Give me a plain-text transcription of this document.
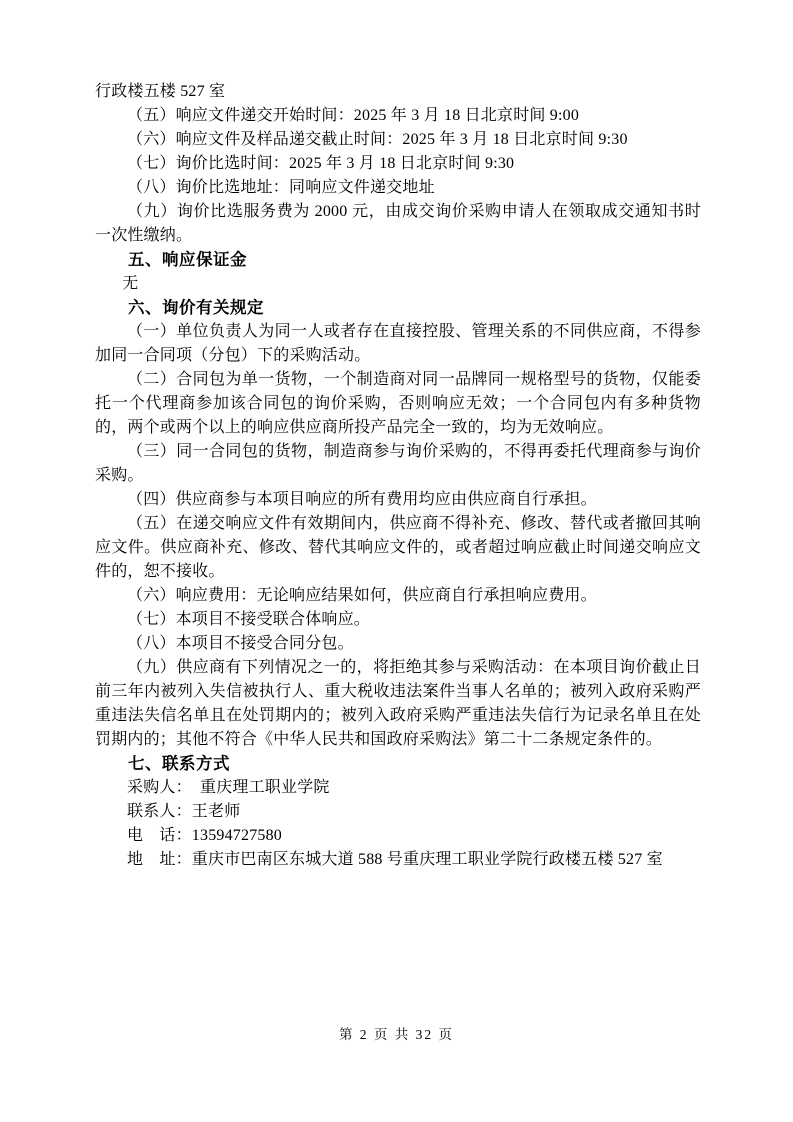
行政楼五楼 527 室

（五）响应文件递交开始时间：2025 年 3 月 18 日北京时间 9:00

（六）响应文件及样品递交截止时间：2025 年 3 月 18 日北京时间 9:30

（七）询价比选时间：2025 年 3 月 18 日北京时间 9:30

（八）询价比选地址：同响应文件递交地址

（九）询价比选服务费为 2000 元，由成交询价采购申请人在领取成交通知书时一次性缴纳。

五、响应保证金

无

六、询价有关规定

（一）单位负责人为同一人或者存在直接控股、管理关系的不同供应商，不得参加同一合同项（分包）下的采购活动。

（二）合同包为单一货物，一个制造商对同一品牌同一规格型号的货物，仅能委托一个代理商参加该合同包的询价采购，否则响应无效；一个合同包内有多种货物的，两个或两个以上的响应供应商所投产品完全一致的，均为无效响应。

（三）同一合同包的货物，制造商参与询价采购的，不得再委托代理商参与询价采购。

（四）供应商参与本项目响应的所有费用均应由供应商自行承担。

（五）在递交响应文件有效期间内，供应商不得补充、修改、替代或者撤回其响应文件。供应商补充、修改、替代其响应文件的，或者超过响应截止时间递交响应文件的，恕不接收。

（六）响应费用：无论响应结果如何，供应商自行承担响应费用。

（七）本项目不接受联合体响应。

（八）本项目不接受合同分包。

（九）供应商有下列情况之一的，将拒绝其参与采购活动：在本项目询价截止日前三年内被列入失信被执行人、重大税收违法案件当事人名单的；被列入政府采购严重违法失信名单且在处罚期内的；被列入政府采购严重违法失信行为记录名单且在处罚期内的；其他不符合《中华人民共和国政府采购法》第二十二条规定条件的。

七、联系方式

采购人：　重庆理工职业学院

联系人：王老师

电　话：13594727580

地　址：重庆市巴南区东城大道 588 号重庆理工职业学院行政楼五楼 527 室

第 2 页 共 32 页
